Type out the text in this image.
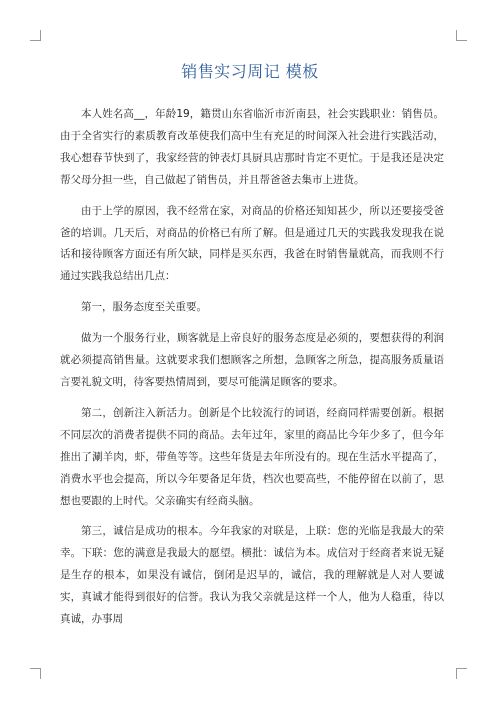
销售实习周记 模板

本人姓名高__，年龄19，籍贯山东省临沂市沂南县，社会实践职业：销售员。由于全省实行的素质教育改革使我们高中生有充足的时间深入社会进行实践活动，我心想春节快到了，我家经营的钟表灯具厨具店那时肯定不更忙。于是我还是决定帮父母分担一些，自己做起了销售员，并且帮爸爸去集市上进货。

由于上学的原因，我不经常在家，对商品的价格还知知甚少，所以还要接受爸爸的培训。几天后，对商品的价格已有所了解。但是通过几天的实践我发现我在说话和接待顾客方面还有所欠缺，同样是买东西，我爸在时销售量就高，而我则不行通过实践我总结出几点：

第一，服务态度至关重要。

做为一个服务行业，顾客就是上帝良好的服务态度是必须的，要想获得的利润就必须提高销售量。这就要求我们想顾客之所想，急顾客之所急，提高服务质量语言要礼貌文明，待客要热情周到，要尽可能满足顾客的要求。

第二，创新注入新活力。创新是个比较流行的词语，经商同样需要创新。根据不同层次的消费者提供不同的商品。去年过年，家里的商品比今年少多了，但今年推出了涮羊肉，虾，带鱼等等。这些年货是去年所没有的。现在生活水平提高了，消费水平也会提高，所以今年要备足年货，档次也要高些，不能停留在以前了，思想也要跟的上时代。父亲确实有经商头脑。

第三，诚信是成功的根本。今年我家的对联是，上联：您的光临是我最大的荣幸。下联：您的满意是我最大的愿望。横批：诚信为本。成信对于经商者来说无疑是生存的根本，如果没有诚信，倒闭是迟早的，诚信，我的理解就是人对人要诚实，真诚才能得到很好的信誉。我认为我父亲就是这样一个人，他为人稳重，待以真诚，办事周
